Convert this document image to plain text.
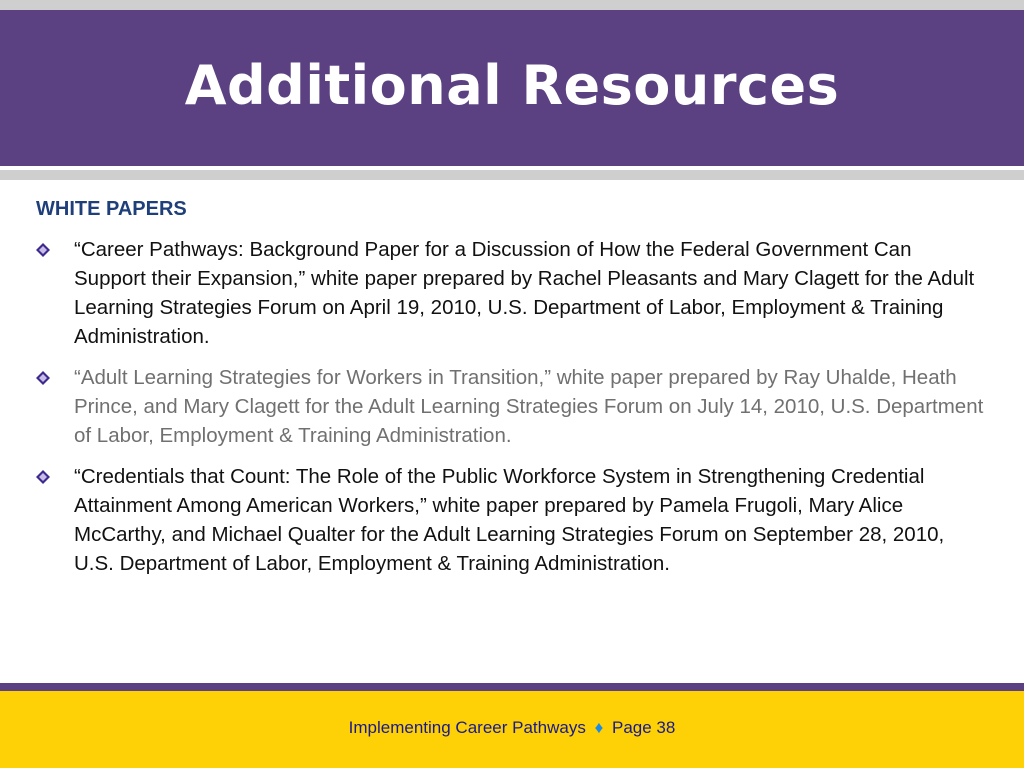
Additional Resources
WHITE PAPERS
“Career Pathways: Background Paper for a Discussion of How the Federal Government Can Support their Expansion,” white paper prepared by Rachel Pleasants and Mary Clagett for the Adult Learning Strategies Forum on April 19, 2010, U.S. Department of Labor, Employment & Training Administration.
“Adult Learning Strategies for Workers in Transition,” white paper prepared by Ray Uhalde, Heath Prince, and Mary Clagett for the Adult Learning Strategies Forum on July 14, 2010, U.S. Department of Labor, Employment & Training Administration.
“Credentials that Count: The Role of the Public Workforce System in Strengthening Credential Attainment Among American Workers,” white paper prepared by Pamela Frugoli, Mary Alice McCarthy, and Michael Qualter for the Adult Learning Strategies Forum on September 28, 2010, U.S. Department of Labor, Employment & Training Administration.
Implementing Career Pathways ♦ Page 38
